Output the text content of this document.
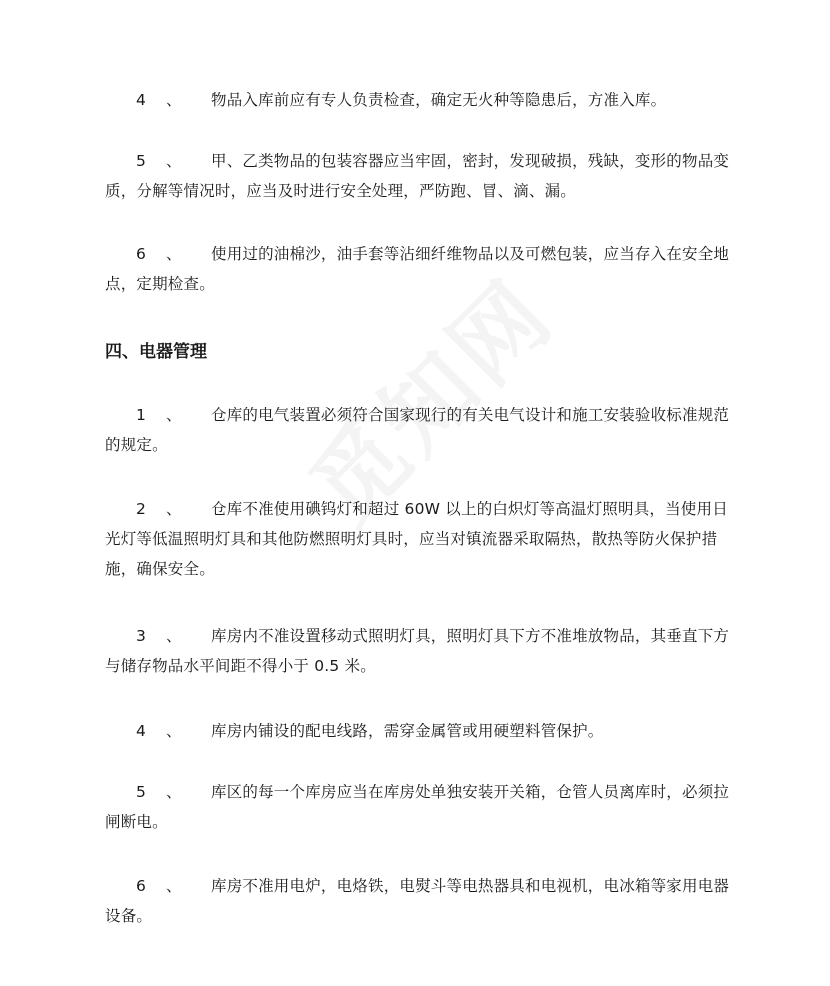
4 、 物品入库前应有专人负责检查，确定无火种等隐患后，方准入库。

5 、 甲、乙类物品的包装容器应当牢固，密封，发现破损，残缺，变形的物品变质，分解等情况时，应当及时进行安全处理，严防跑、冒、滴、漏。

6 、 使用过的油棉沙，油手套等沾细纤维物品以及可燃包装，应当存入在安全地点，定期检查。

四、电器管理

1 、 仓库的电气装置必须符合国家现行的有关电气设计和施工安装验收标准规范的规定。

2 、 仓库不准使用碘钨灯和超过 60W 以上的白炽灯等高温灯照明具，当使用日光灯等低温照明灯具和其他防燃照明灯具时，应当对镇流器采取隔热，散热等防火保护措施，确保安全。

3 、 库房内不准设置移动式照明灯具，照明灯具下方不准堆放物品，其垂直下方与储存物品水平间距不得小于 0.5 米。

4 、 库房内铺设的配电线路，需穿金属管或用硬塑料管保护。

5 、 库区的每一个库房应当在库房处单独安装开关箱，仓管人员离库时，必须拉闸断电。

6 、 库房不准用电炉，电烙铁，电熨斗等电热器具和电视机，电冰箱等家用电器设备。
